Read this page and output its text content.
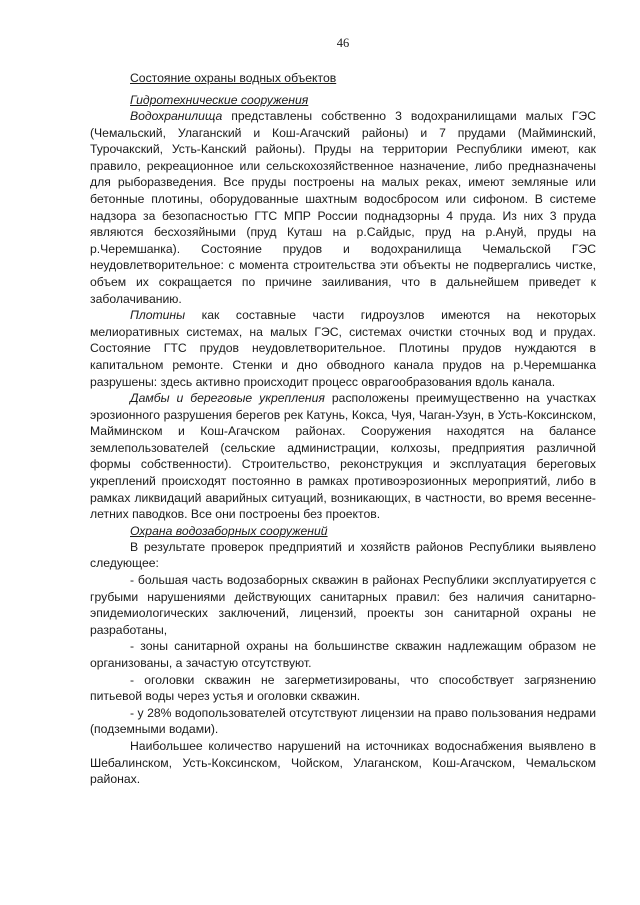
46
Состояние охраны водных объектов
Гидротехнические сооружения

Водохранилища представлены собственно 3 водохранилищами малых ГЭС (Чемальский, Улаганский и Кош-Агачский районы) и 7 прудами (Майминский, Турочакский, Усть-Канский районы). Пруды на территории Республики имеют, как правило, рекреационное или сельскохозяйственное назначение, либо предназначены для рыборазведения. Все пруды построены на малых реках, имеют земляные или бетонные плотины, оборудованные шахтным водосбросом или сифоном. В системе надзора за безопасностью ГТС МПР России поднадзорны 4 пруда. Из них 3 пруда являются бесхозяйными (пруд Куташ на р.Сайдыс, пруд на р.Ануй, пруды на р.Черемшанка). Состояние прудов и водохранилища Чемальской ГЭС неудовлетворительное: с момента строительства эти объекты не подвергались чистке, объем их сокращается по причине заиливания, что в дальнейшем приведет к заболачиванию.

Плотины как составные части гидроузлов имеются на некоторых мелиоративных системах, на малых ГЭС, системах очистки сточных вод и прудах. Состояние ГТС прудов неудовлетворительное. Плотины прудов нуждаются в капитальном ремонте. Стенки и дно обводного канала прудов на р.Черемшанка разрушены: здесь активно происходит процесс оврагообразования вдоль канала.

Дамбы и береговые укрепления расположены преимущественно на участках эрозионного разрушения берегов рек Катунь, Кокса, Чуя, Чаган-Узун, в Усть-Коксинском, Майминском и Кош-Агачском районах. Сооружения находятся на балансе землепользователей (сельские администрации, колхозы, предприятия различной формы собственности). Строительство, реконструкция и эксплуатация береговых укреплений происходят постоянно в рамках противоэрозионных мероприятий, либо в рамках ликвидаций аварийных ситуаций, возникающих, в частности, во время весенне-летних паводков. Все они построены без проектов.

Охрана водозаборных сооружений

В результате проверок предприятий и хозяйств районов Республики выявлено следующее:

- большая часть водозаборных скважин в районах Республики эксплуатируется с грубыми нарушениями действующих санитарных правил: без наличия санитарно-эпидемиологических заключений, лицензий, проекты зон санитарной охраны не разработаны,

- зоны санитарной охраны на большинстве скважин надлежащим образом не организованы, а зачастую отсутствуют.

- оголовки скважин не загерметизированы, что способствует загрязнению питьевой воды через устья и оголовки скважин.

- у 28% водопользователей отсутствуют лицензии на право пользования недрами (подземными водами).

Наибольшее количество нарушений на источниках водоснабжения выявлено в Шебалинском, Усть-Коксинском, Чойском, Улаганском, Кош-Агачском, Чемальском районах.
